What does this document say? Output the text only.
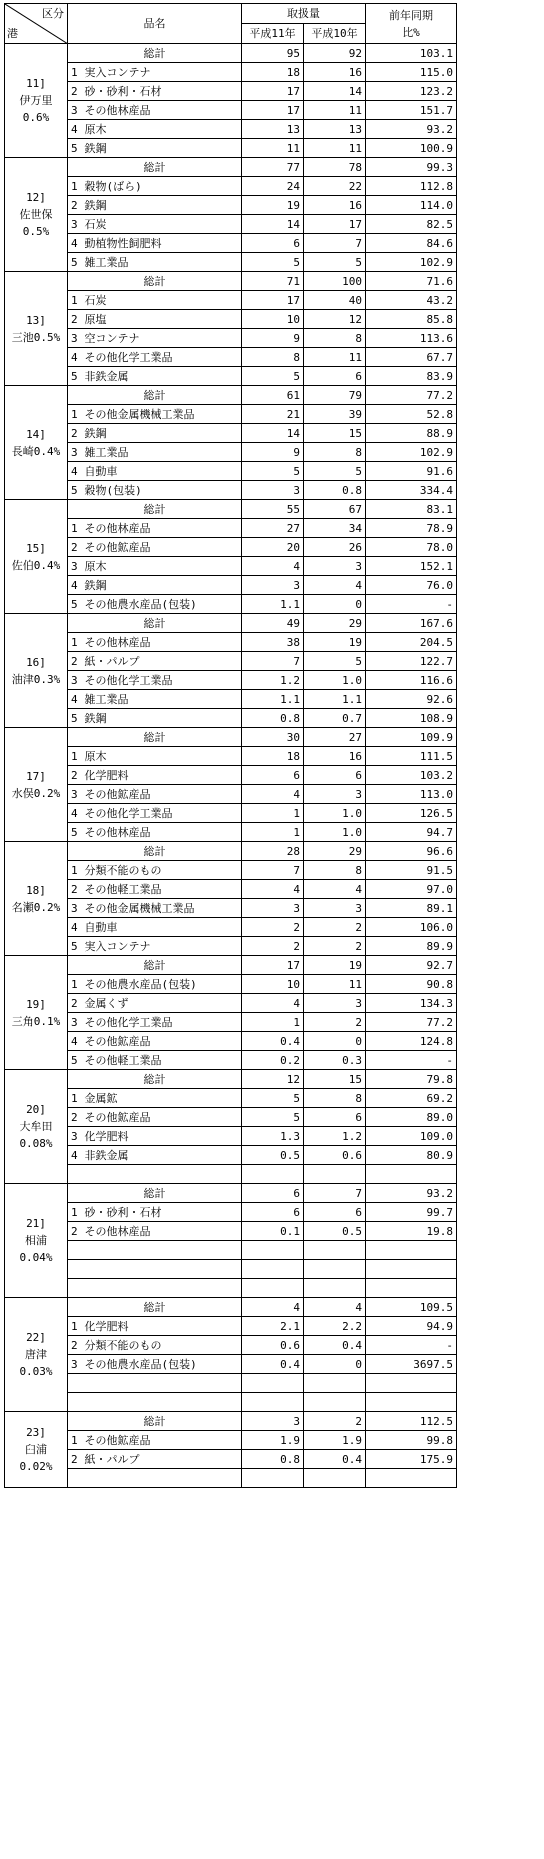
区分
港	品名		取扱量		前年同期
比%

			平成11年	平成10年	

11]
伊万里
0.6%	総計		95	92	103.1
	1	実入コンテナ	18	16	115.0
	2	砂・砂利・石材	17	14	123.2
	3	その他林産品	17	11	151.7
	4	原木	13	13	93.2
	5	鉄鋼	11	11	100.9

12]
佐世保
0.5%	総計		77	78	99.3
	1	穀物(ばら)	24	22	112.8
	2	鉄鋼	19	16	114.0
	3	石炭	14	17	82.5
	4	動植物性飼肥料	6	7	84.6
	5	雑工業品	5	5	102.9

13]
三池0.5%	総計		71	100	71.6
	1	石炭	17	40	43.2
	2	原塩	10	12	85.8
	3	空コンテナ	9	8	113.6
	4	その他化学工業品	8	11	67.7
	5	非鉄金属	5	6	83.9

14]
長崎0.4%	総計		61	79	77.2
	1	その他金属機械工業品	21	39	52.8
	2	鉄鋼	14	15	88.9
	3	雑工業品	9	8	102.9
	4	自動車	5	5	91.6
	5	穀物(包装)	3	0.8	334.4

15]
佐伯0.4%	総計		55	67	83.1
	1	その他林産品	27	34	78.9
	2	その他鉱産品	20	26	78.0
	3	原木	4	3	152.1
	4	鉄鋼	3	4	76.0
	5	その他農水産品(包装)	1.1	0	-

16]
油津0.3%	総計		49	29	167.6
	1	その他林産品	38	19	204.5
	2	紙・パルプ	7	5	122.7
	3	その他化学工業品	1.2	1.0	116.6
	4	雑工業品	1.1	1.1	92.6
	5	鉄鋼	0.8	0.7	108.9

17]
水俣0.2%	総計		30	27	109.9
	1	原木	18	16	111.5
	2	化学肥料	6	6	103.2
	3	その他鉱産品	4	3	113.0
	4	その他化学工業品	1	1.0	126.5
	5	その他林産品	1	1.0	94.7

18]
名瀬0.2%	総計		28	29	96.6
	1	分類不能のもの	7	8	91.5
	2	その他軽工業品	4	4	97.0
	3	その他金属機械工業品	3	3	89.1
	4	自動車	2	2	106.0
	5	実入コンテナ	2	2	89.9

19]
三角0.1%	総計		17	19	92.7
	1	その他農水産品(包装)	10	11	90.8
	2	金属くず	4	3	134.3
	3	その他化学工業品	1	2	77.2
	4	その他鉱産品	0.4	0	124.8
	5	その他軽工業品	0.2	0.3	-

20]
大牟田
0.08%	総計		12	15	79.8
	1	金属鉱	5	8	69.2
	2	その他鉱産品	5	6	89.0
	3	化学肥料	1.3	1.2	109.0
	4	非鉄金属	0.5	0.6	80.9

21]
相浦
0.04%	総計		6	7	93.2
	1	砂・砂利・石材	6	6	99.7
	2	その他林産品	0.1	0.5	19.8

22]
唐津
0.03%	総計		4	4	109.5
	1	化学肥料	2.1	2.2	94.9
	2	分類不能のもの	0.6	0.4	-
	3	その他農水産品(包装)	0.4	0	3697.5

23]
臼浦
0.02%	総計		3	2	112.5
	1	その他鉱産品	1.9	1.9	99.8
	2	紙・パルプ	0.8	0.4	175.9
